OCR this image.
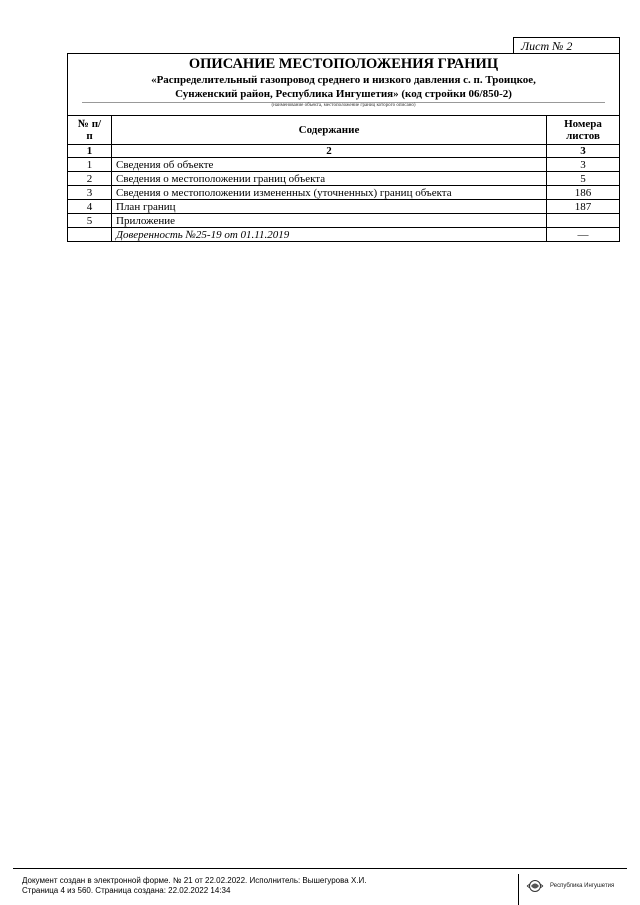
Лист № 2
ОПИСАНИЕ МЕСТОПОЛОЖЕНИЯ ГРАНИЦ
«Распределительный газопровод среднего и низкого давления с. п. Троицкое,
Сунженский район, Республика Ингушетия» (код стройки 06/850-2)
(наименование объекта, местоположение границ которого описано)
№ п/п	Содержание	Номера листов
1	2	3
1	Сведения об объекте	3
2	Сведения о местоположении границ объекта	5
3	Сведения о местоположении измененных (уточненных) границ объекта	186
4	План границ	187
5	Приложение	
	Доверенность №25-19 от 01.11.2019	—
Документ создан в электронной форме. № 21 от 22.02.2022. Исполнитель: Вышегурова Х.И.
Страница 4 из 560. Страница создана: 22.02.2022 14:34	Республика Ингушетия
